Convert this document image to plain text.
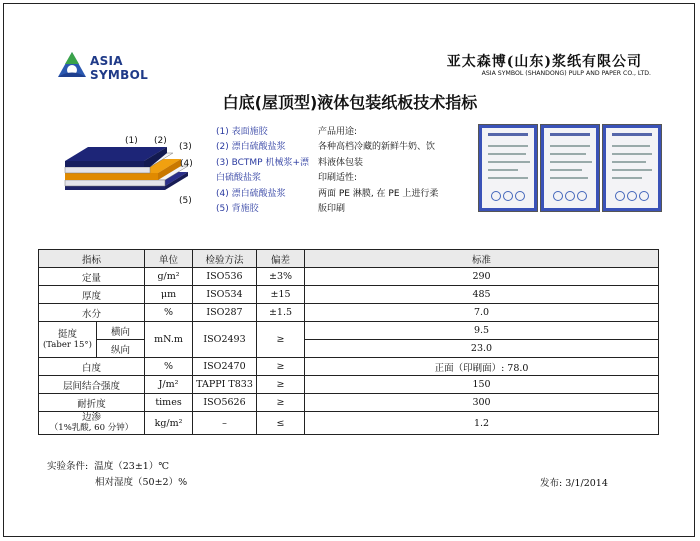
ASIA
SYMBOL
亚太森博(山东)浆纸有限公司
ASIA SYMBOL (SHANDONG) PULP AND PAPER CO., LTD.
白底(屋顶型)液体包装纸板技术指标
(1) (2)
(3)
(4)
(5)
(1) 表面施胶
(2) 漂白硫酸盐浆
(3) BCTMP 机械浆+漂
白硫酸盐浆
(4) 漂白硫酸盐浆
(5) 背施胶
产品用途:
各种高档冷藏的新鲜牛奶、饮
料液体包装
印刷适性:
两面 PE 淋膜, 在 PE 上进行柔
版印刷
指标		单位	检验方法	偏差	标准
定量		g/m²	ISO536	±3%	290
厚度		μm	ISO534	±15	485
水分		%	ISO287	±1.5	7.0

挺度
(Taber 15°)	横向	mN.m	ISO2493	≥	9.5
	纵向				23.0
白度		%	ISO2470	≥	正面（印刷面）: 78.0
层间结合强度		J/m²	TAPPI T833	≥	150
耐折度		times	ISO5626	≥	300

边渗
（1%乳酸, 60 分钟）		kg/m²	–	≤	1.2
实验条件: 温度（23±1）℃
相对湿度（50±2）%	发布: 3/1/2014
